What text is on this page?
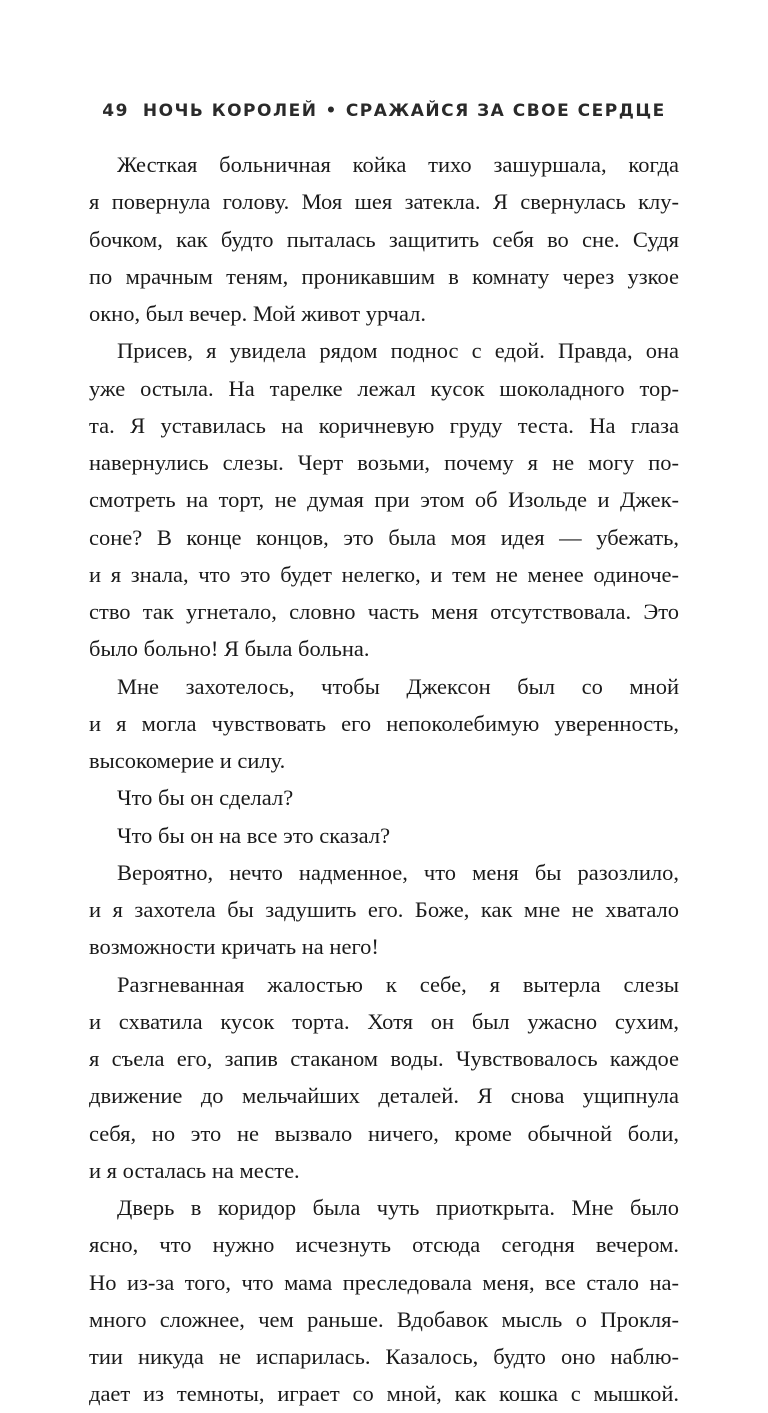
49 НОЧЬ КОРОЛЕЙ • СРАЖАЙСЯ ЗА СВОЕ СЕРДЦЕ
Жесткая больничная койка тихо зашуршала, когда
я повернула голову. Моя шея затекла. Я свернулась клу-
бочком, как будто пыталась защитить себя во сне. Судя
по мрачным теням, проникавшим в комнату через узкое
окно, был вечер. Мой живот урчал.
Присев, я увидела рядом поднос с едой. Правда, она
уже остыла. На тарелке лежал кусок шоколадного тор-
та. Я уставилась на коричневую груду теста. На глаза
навернулись слезы. Черт возьми, почему я не могу по-
смотреть на торт, не думая при этом об Изольде и Джек-
соне? В конце концов, это была моя идея — убежать,
и я знала, что это будет нелегко, и тем не менее одиноче-
ство так угнетало, словно часть меня отсутствовала. Это
было больно! Я была больна.
Мне захотелось, чтобы Джексон был со мной
и я могла чувствовать его непоколебимую уверенность,
высокомерие и силу.
Что бы он сделал?
Что бы он на все это сказал?
Вероятно, нечто надменное, что меня бы разозлило,
и я захотела бы задушить его. Боже, как мне не хватало
возможности кричать на него!
Разгневанная жалостью к себе, я вытерла слезы
и схватила кусок торта. Хотя он был ужасно сухим,
я съела его, запив стаканом воды. Чувствовалось каждое
движение до мельчайших деталей. Я снова ущипнула
себя, но это не вызвало ничего, кроме обычной боли,
и я осталась на месте.
Дверь в коридор была чуть приоткрыта. Мне было
ясно, что нужно исчезнуть отсюда сегодня вечером.
Но из-за того, что мама преследовала меня, все стало на-
много сложнее, чем раньше. Вдобавок мысль о Прокля-
тии никуда не испарилась. Казалось, будто оно наблю-
дает из темноты, играет со мной, как кошка с мышкой.
